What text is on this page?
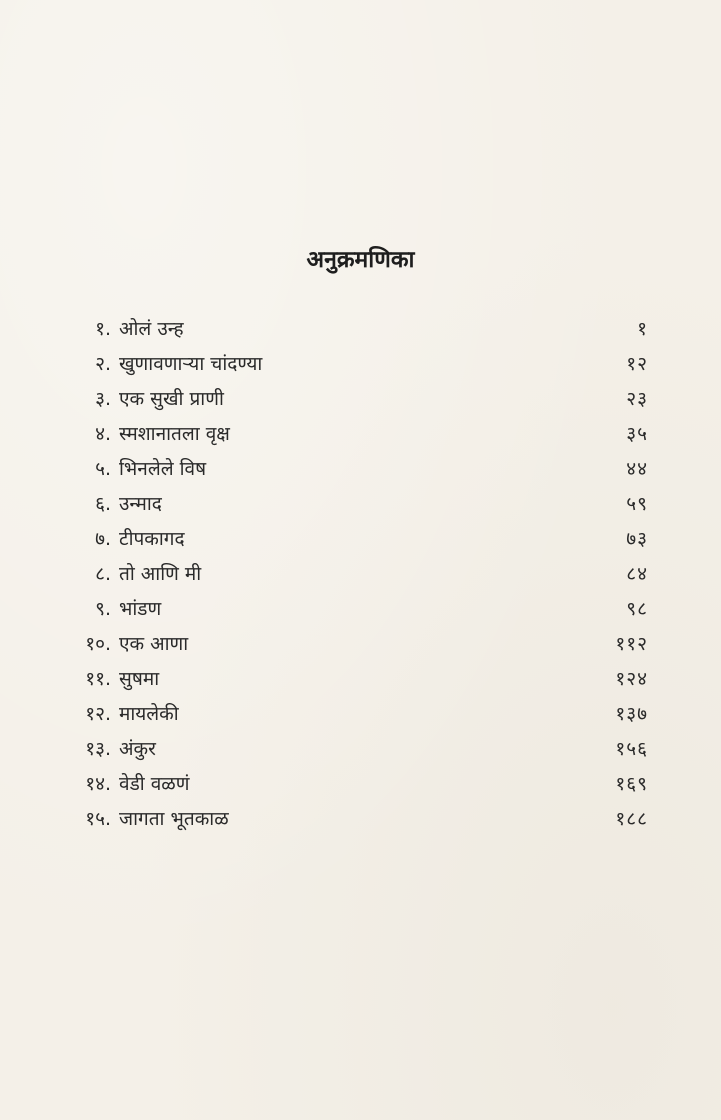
अनुक्रमणिका
१. ओलं उन्ह	१
२. खुणावणाऱ्या चांदण्या	१२
३. एक सुखी प्राणी	२३
४. स्मशानातला वृक्ष	३५
५. भिनलेले विष	४४
६. उन्माद	५९
७. टीपकागद	७३
८. तो आणि मी	८४
९. भांडण	९८
१०. एक आणा	११२
११. सुषमा	१२४
१२. मायलेकी	१३७
१३. अंकुर	१५६
१४. वेडी वळणं	१६९
१५. जागता भूतकाळ	१८८
